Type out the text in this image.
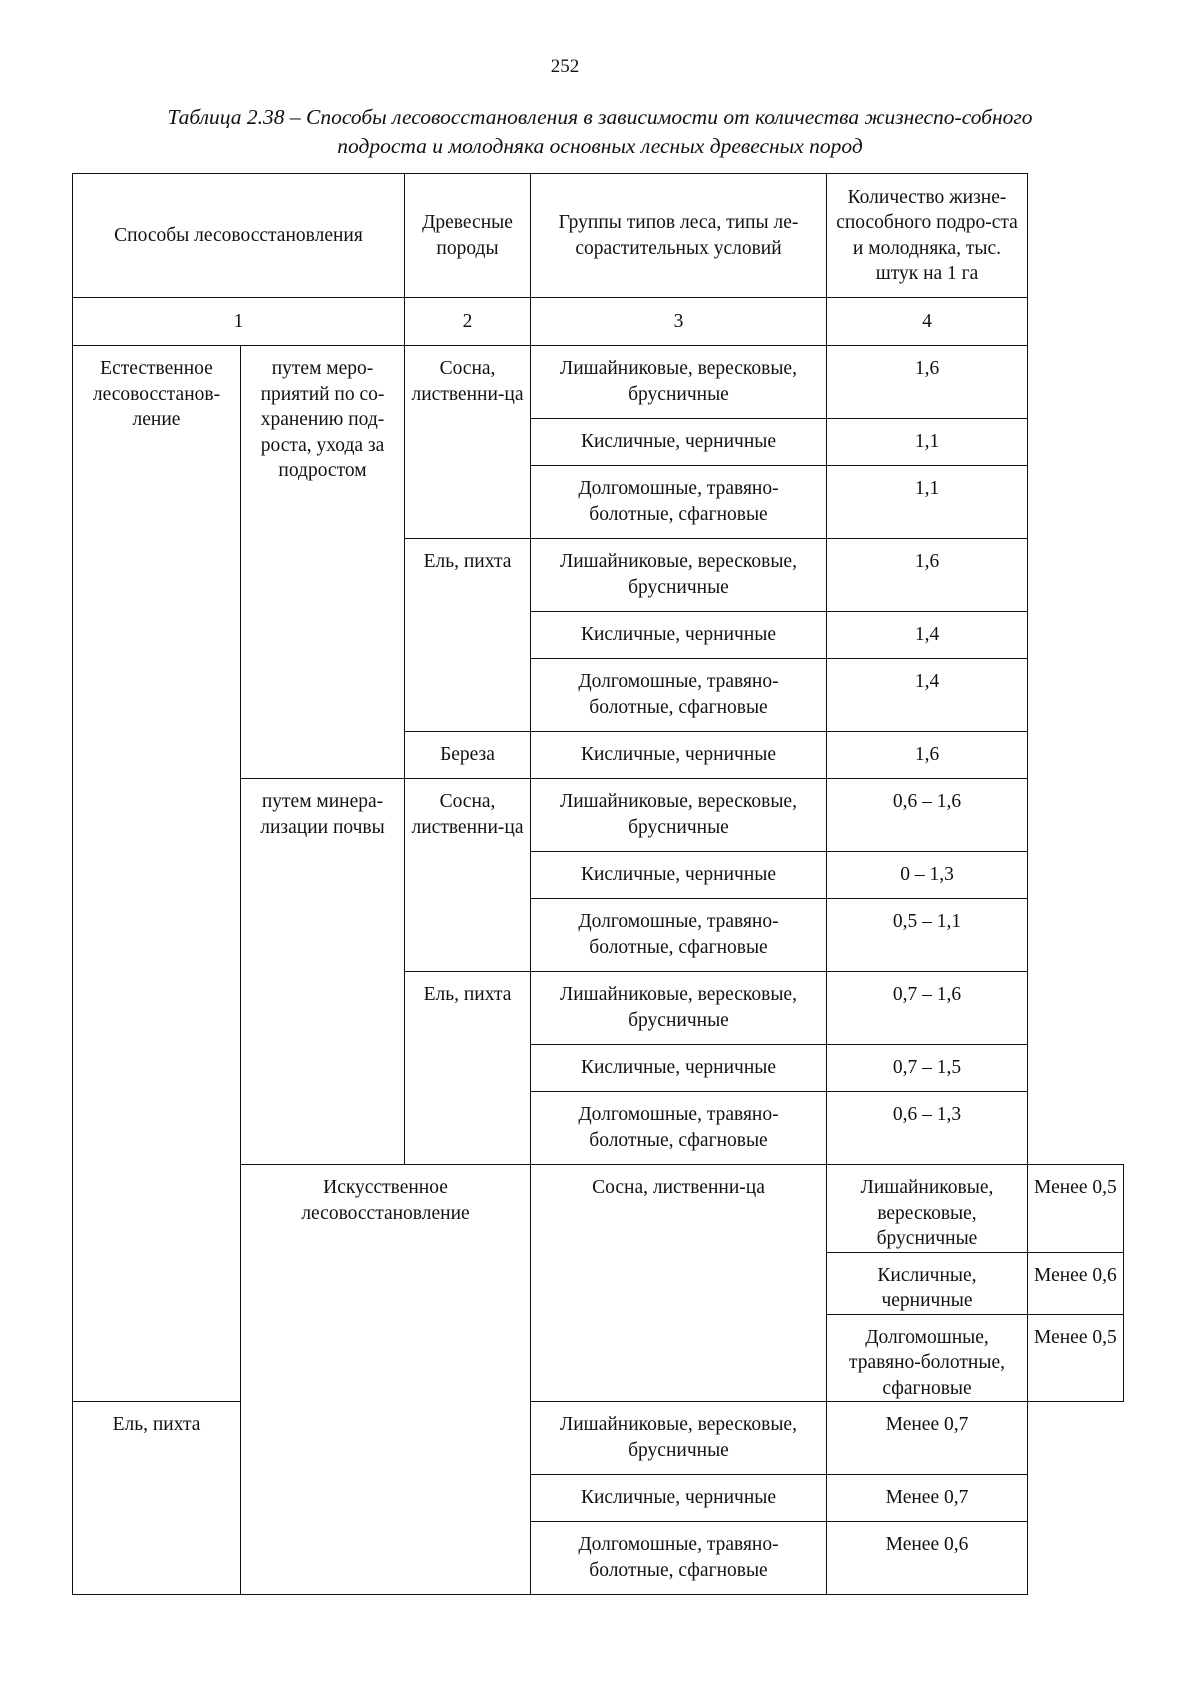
252
Таблица 2.38 – Способы лесовосстановления в зависимости от количества жизнеспо-собного подроста и молодняка основных лесных древесных пород
Способы лесовосстановления		Древесные породы	Группы типов леса, типы ле-сорастительных условий	Количество жизне-способного подро-ста и молодняка, тыс. штук на 1 га	
1		2	3	4	
Естественное лесовосстанов-ление	путем меро-приятий по со-хранению под-роста, ухода за подростом	Сосна, лиственни-ца	Лишайниковые, вересковые, брусничные	1,6	
			Кисличные, черничные	1,1	
			Долгомошные, травяно-болотные, сфагновые	1,1	
		Ель, пихта	Лишайниковые, вересковые, брусничные	1,6	
			Кисличные, черничные	1,4	
			Долгомошные, травяно-болотные, сфагновые	1,4	
		Береза	Кисличные, черничные	1,6	
	путем минера-лизации почвы	Сосна, лиственни-ца	Лишайниковые, вересковые, брусничные	0,6 – 1,6	
			Кисличные, черничные	0 – 1,3	
			Долгомошные, травяно-болотные, сфагновые	0,5 – 1,1	
		Ель, пихта	Лишайниковые, вересковые, брусничные	0,7 – 1,6	
			Кисличные, черничные	0,7 – 1,5	
			Долгомошные, травяно-болотные, сфагновые	0,6 – 1,3	
	Искусственное лесовосстановление		Сосна, лиственни-ца	Лишайниковые, вересковые, брусничные	Менее 0,5
				Кисличные, черничные	Менее 0,6
				Долгомошные, травяно-болотные, сфагновые	Менее 0,5
Ель, пихта			Лишайниковые, вересковые, брусничные	Менее 0,7	
			Кисличные, черничные	Менее 0,7	
			Долгомошные, травяно-болотные, сфагновые	Менее 0,6	
